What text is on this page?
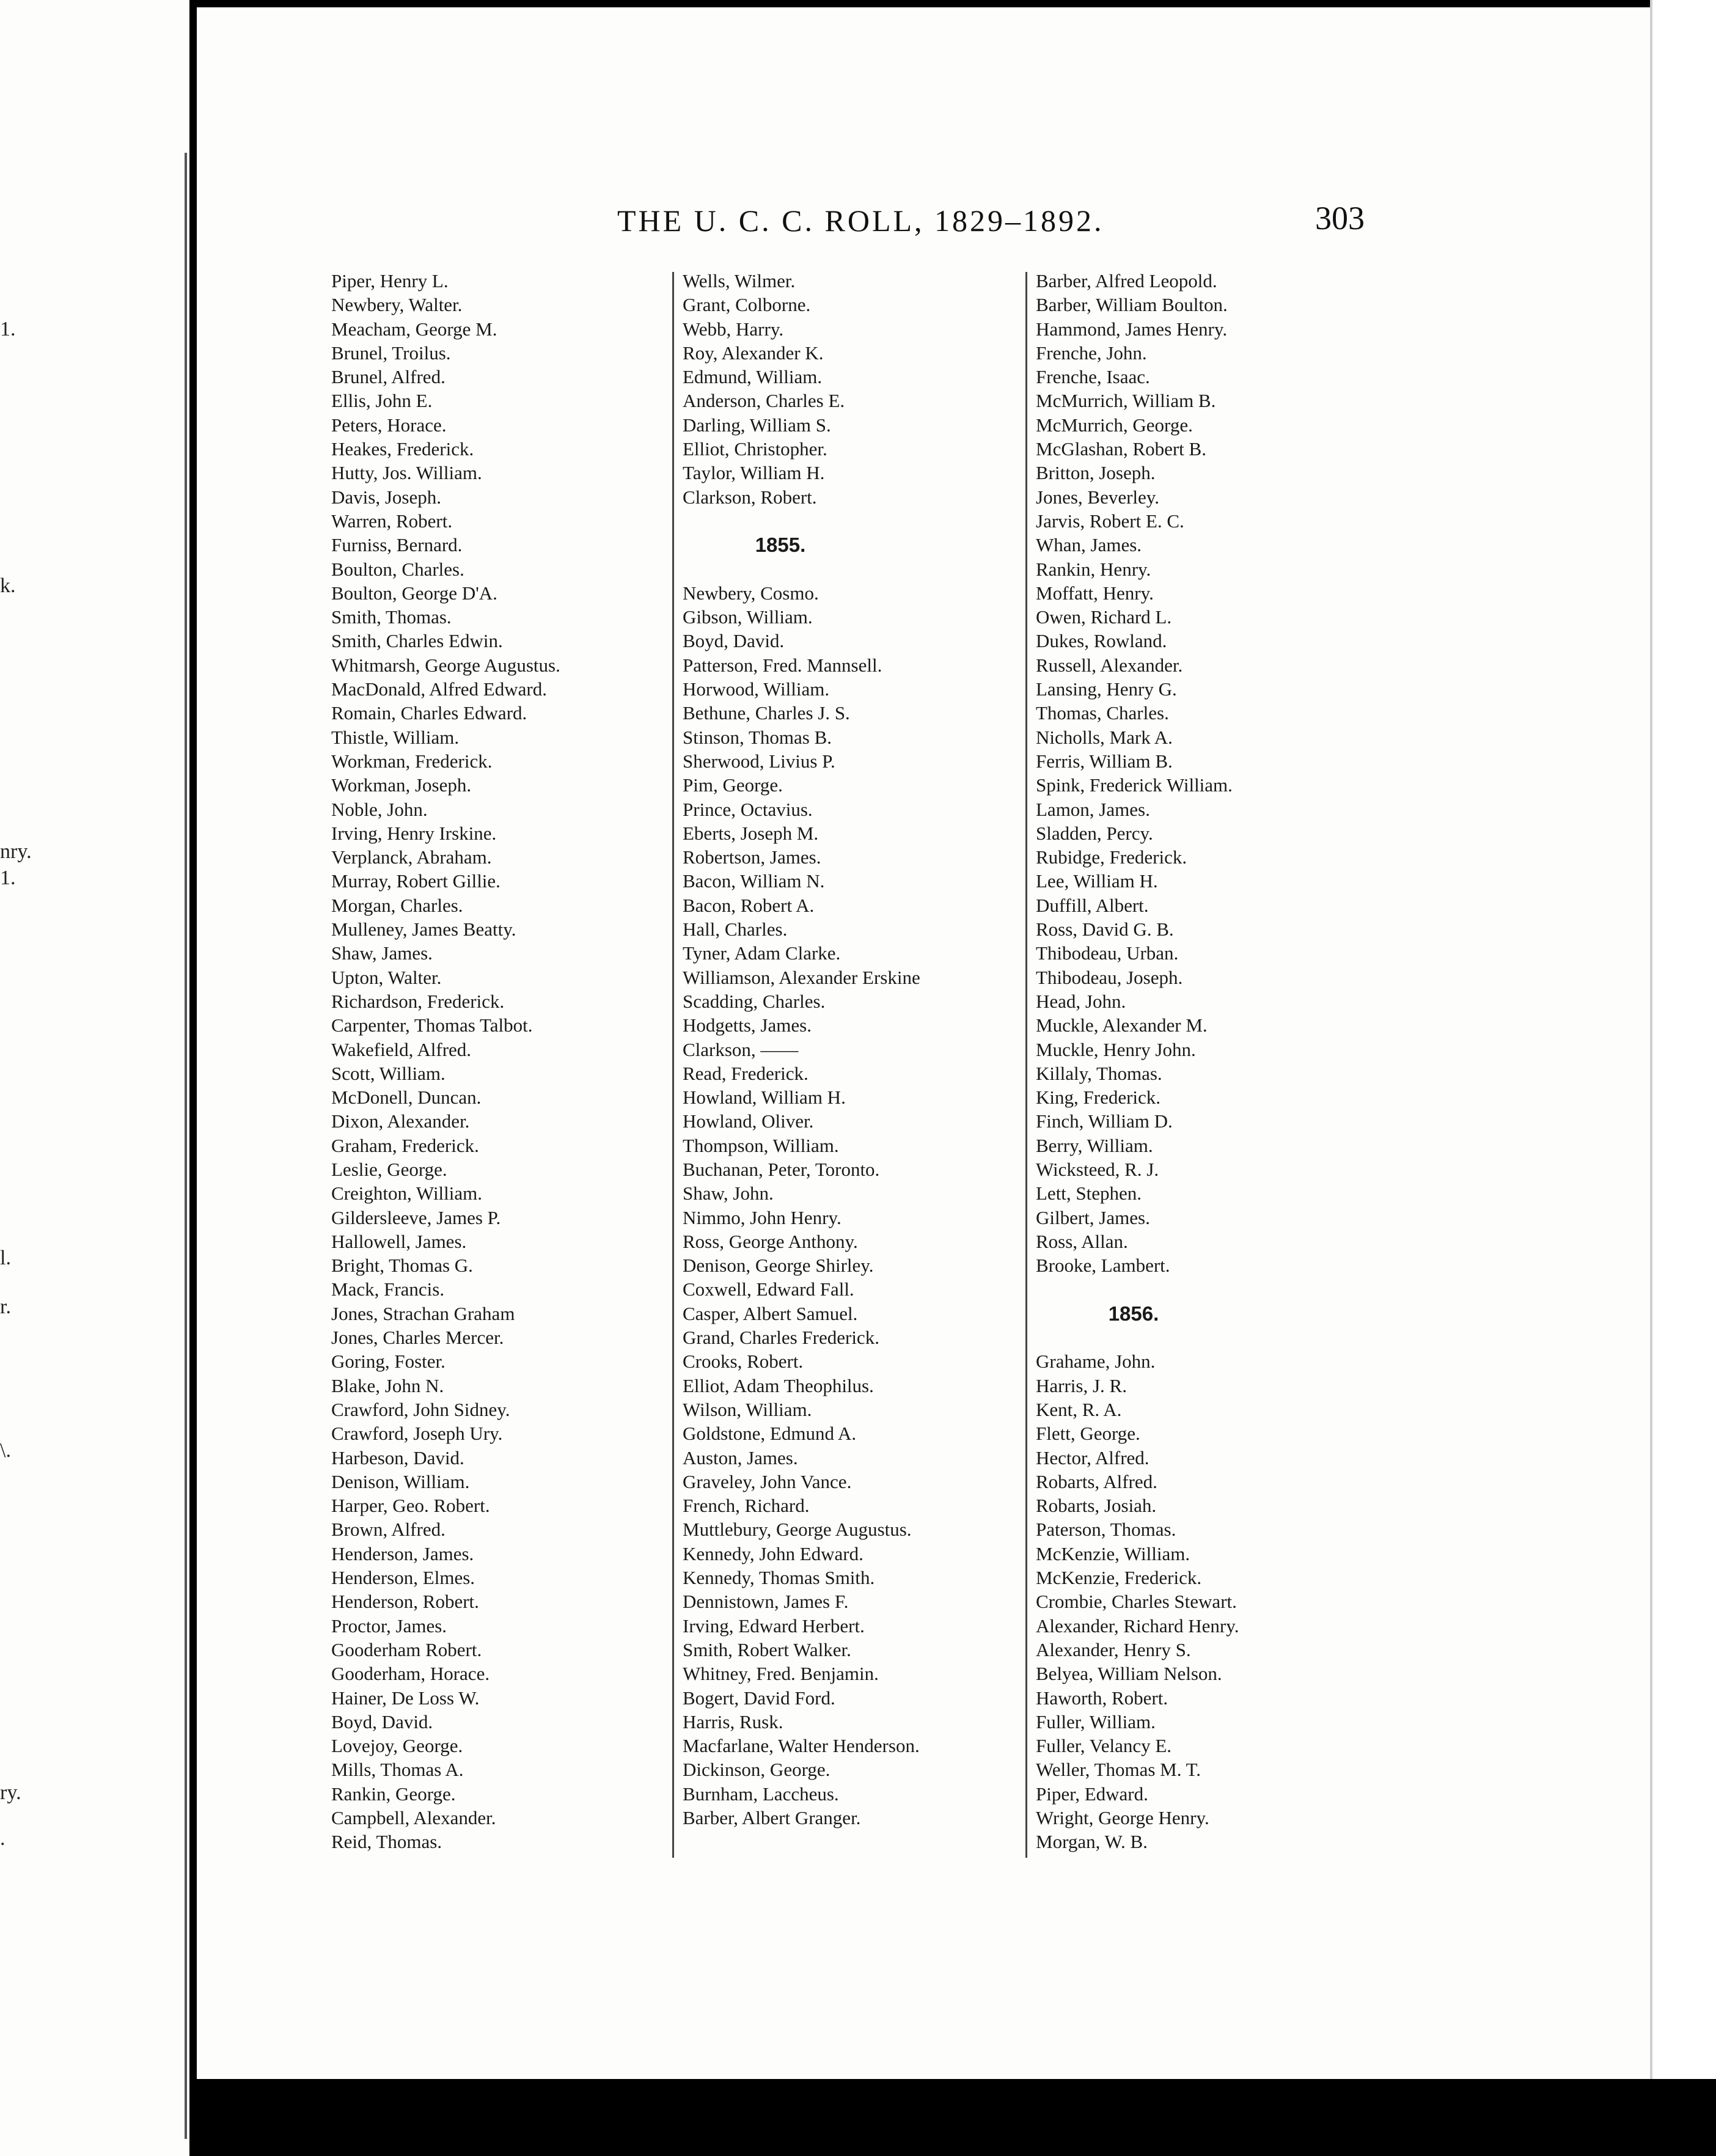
1.
k.
nry.
1.
l.
r.
\.
ry.
.
THE U. C. C. ROLL, 1829–1892.	303
Piper, Henry L.
Newbery, Walter.
Meacham, George M.
Brunel, Troilus.
Brunel, Alfred.
Ellis, John E.
Peters, Horace.
Heakes, Frederick.
Hutty, Jos. William.
Davis, Joseph.
Warren, Robert.
Furniss, Bernard.
Boulton, Charles.
Boulton, George D'A.
Smith, Thomas.
Smith, Charles Edwin.
Whitmarsh, George Augustus.
MacDonald, Alfred Edward.
Romain, Charles Edward.
Thistle, William.
Workman, Frederick.
Workman, Joseph.
Noble, John.
Irving, Henry Irskine.
Verplanck, Abraham.
Murray, Robert Gillie.
Morgan, Charles.
Mulleney, James Beatty.
Shaw, James.
Upton, Walter.
Richardson, Frederick.
Carpenter, Thomas Talbot.
Wakefield, Alfred.
Scott, William.
McDonell, Duncan.
Dixon, Alexander.
Graham, Frederick.
Leslie, George.
Creighton, William.
Gildersleeve, James P.
Hallowell, James.
Bright, Thomas G.
Mack, Francis.
Jones, Strachan Graham
Jones, Charles Mercer.
Goring, Foster.
Blake, John N.
Crawford, John Sidney.
Crawford, Joseph Ury.
Harbeson, David.
Denison, William.
Harper, Geo. Robert.
Brown, Alfred.
Henderson, James.
Henderson, Elmes.
Henderson, Robert.
Proctor, James.
Gooderham Robert.
Gooderham, Horace.
Hainer, De Loss W.
Boyd, David.
Lovejoy, George.
Mills, Thomas A.
Rankin, George.
Campbell, Alexander.
Reid, Thomas.
Wells, Wilmer.
Grant, Colborne.
Webb, Harry.
Roy, Alexander K.
Edmund, William.
Anderson, Charles E.
Darling, William S.
Elliot, Christopher.
Taylor, William H.
Clarkson, Robert.
1855.
Newbery, Cosmo.
Gibson, William.
Boyd, David.
Patterson, Fred. Mannsell.
Horwood, William.
Bethune, Charles J. S.
Stinson, Thomas B.
Sherwood, Livius P.
Pim, George.
Prince, Octavius.
Eberts, Joseph M.
Robertson, James.
Bacon, William N.
Bacon, Robert A.
Hall, Charles.
Tyner, Adam Clarke.
Williamson, Alexander Erskine
Scadding, Charles.
Hodgetts, James.
Clarkson, ——
Read, Frederick.
Howland, William H.
Howland, Oliver.
Thompson, William.
Buchanan, Peter, Toronto.
Shaw, John.
Nimmo, John Henry.
Ross, George Anthony.
Denison, George Shirley.
Coxwell, Edward Fall.
Casper, Albert Samuel.
Grand, Charles Frederick.
Crooks, Robert.
Elliot, Adam Theophilus.
Wilson, William.
Goldstone, Edmund A.
Auston, James.
Graveley, John Vance.
French, Richard.
Muttlebury, George Augustus.
Kennedy, John Edward.
Kennedy, Thomas Smith.
Dennistown, James F.
Irving, Edward Herbert.
Smith, Robert Walker.
Whitney, Fred. Benjamin.
Bogert, David Ford.
Harris, Rusk.
Macfarlane, Walter Henderson.
Dickinson, George.
Burnham, Laccheus.
Barber, Albert Granger.
Barber, Alfred Leopold.
Barber, William Boulton.
Hammond, James Henry.
Frenche, John.
Frenche, Isaac.
McMurrich, William B.
McMurrich, George.
McGlashan, Robert B.
Britton, Joseph.
Jones, Beverley.
Jarvis, Robert E. C.
Whan, James.
Rankin, Henry.
Moffatt, Henry.
Owen, Richard L.
Dukes, Rowland.
Russell, Alexander.
Lansing, Henry G.
Thomas, Charles.
Nicholls, Mark A.
Ferris, William B.
Spink, Frederick William.
Lamon, James.
Sladden, Percy.
Rubidge, Frederick.
Lee, William H.
Duffill, Albert.
Ross, David G. B.
Thibodeau, Urban.
Thibodeau, Joseph.
Head, John.
Muckle, Alexander M.
Muckle, Henry John.
Killaly, Thomas.
King, Frederick.
Finch, William D.
Berry, William.
Wicksteed, R. J.
Lett, Stephen.
Gilbert, James.
Ross, Allan.
Brooke, Lambert.
1856.
Grahame, John.
Harris, J. R.
Kent, R. A.
Flett, George.
Hector, Alfred.
Robarts, Alfred.
Robarts, Josiah.
Paterson, Thomas.
McKenzie, William.
McKenzie, Frederick.
Crombie, Charles Stewart.
Alexander, Richard Henry.
Alexander, Henry S.
Belyea, William Nelson.
Haworth, Robert.
Fuller, William.
Fuller, Velancy E.
Weller, Thomas M. T.
Piper, Edward.
Wright, George Henry.
Morgan, W. B.
